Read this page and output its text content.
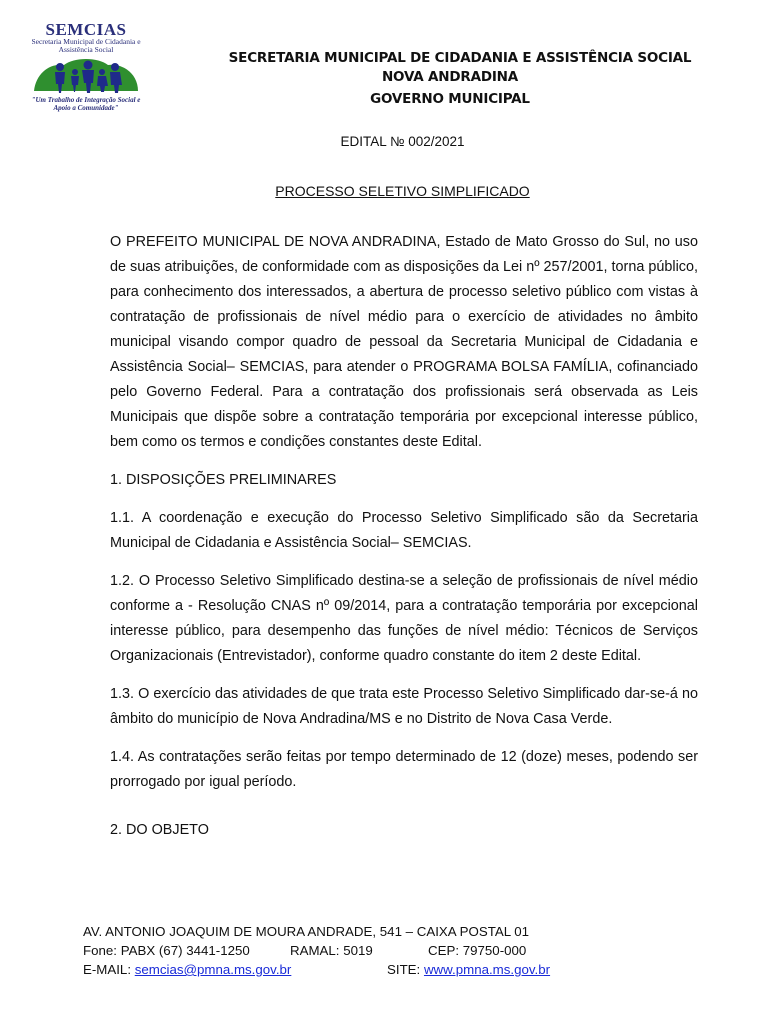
SEMCIAS
Secretaria Municipal de Cidadania e
Assistência Social
"Um Trabalho de Integração Social e
Apoio a Comunidade"
SECRETARIA MUNICIPAL DE CIDADANIA E ASSISTÊNCIA SOCIAL
NOVA ANDRADINA
GOVERNO MUNICIPAL
EDITAL № 002/2021
PROCESSO SELETIVO SIMPLIFICADO

O PREFEITO MUNICIPAL DE NOVA ANDRADINA, Estado de Mato Grosso do Sul, no uso de suas atribuições, de conformidade com as disposições da Lei nº 257/2001, torna público, para conhecimento dos interessados, a abertura de processo seletivo público com vistas à contratação de profissionais de nível médio para o exercício de atividades no âmbito municipal visando compor quadro de pessoal da Secretaria Municipal de Cidadania e Assistência Social– SEMCIAS, para atender o PROGRAMA BOLSA FAMÍLIA, cofinanciado pelo Governo Federal. Para a contratação dos profissionais será observada as Leis Municipais que dispõe sobre a contratação temporária por excepcional interesse público, bem como os termos e condições constantes deste Edital.

1. DISPOSIÇÕES PRELIMINARES

1.1. A coordenação e execução do Processo Seletivo Simplificado são da Secretaria Municipal de Cidadania e Assistência Social– SEMCIAS.

1.2. O Processo Seletivo Simplificado destina-se a seleção de profissionais de nível médio conforme a - Resolução CNAS nº 09/2014, para a contratação temporária por excepcional interesse público, para desempenho das funções de nível médio: Técnicos de Serviços Organizacionais (Entrevistador), conforme quadro constante do item 2 deste Edital.

1.3. O exercício das atividades de que trata este Processo Seletivo Simplificado dar-se-á no âmbito do município de Nova Andradina/MS e no Distrito de Nova Casa Verde.

1.4. As contratações serão feitas por tempo determinado de 12 (doze) meses, podendo ser prorrogado por igual período.

2. DO OBJETO

AV. ANTONIO JOAQUIM DE MOURA ANDRADE, 541 – CAIXA POSTAL 01
Fone: PABX (67) 3441-1250	RAMAL: 5019	CEP: 79750-000
E-MAIL: semcias@pmna.ms.gov.br	SITE: www.pmna.ms.gov.br
